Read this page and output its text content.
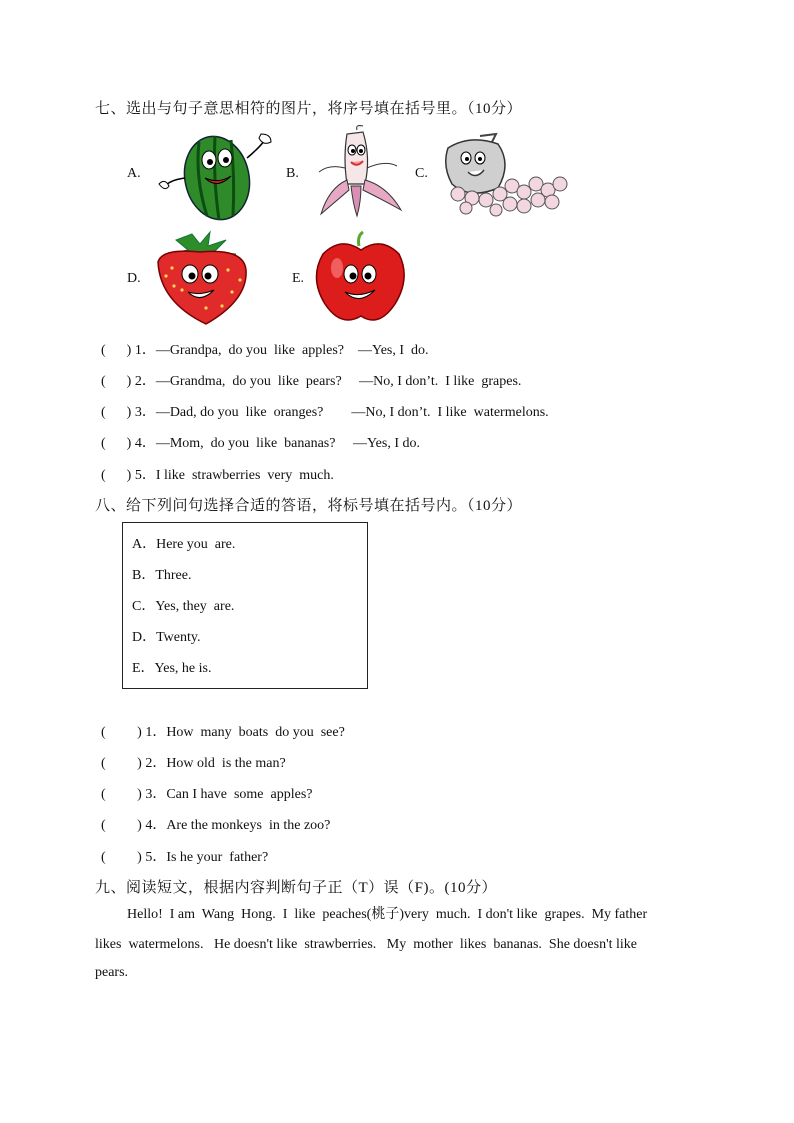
七、选出与句子意思相符的图片，将序号填在括号里。（10分）
A.	B.	C.
D.	E.
(      ) 1．—Grandpa,  do you  like  apples?    —Yes, I  do.
(      ) 2．—Grandma,  do you  like  pears?     —No, I don’t.  I like  grapes.
(      ) 3．—Dad, do you  like  oranges?        —No, I don’t.  I like  watermelons.
(      ) 4．—Mom,  do you  like  bananas?     —Yes, I do.
(      ) 5．I like  strawberries  very  much.
八、给下列问句选择合适的答语，将标号填在括号内。（10分）
A．Here you  are.
B．Three.
C．Yes, they  are.
D．Twenty.
E．Yes, he is.
(         ) 1．How  many  boats  do you  see?
(         ) 2．How old  is the man?
(         ) 3．Can I have  some  apples?
(         ) 4．Are the monkeys  in the zoo?
(         ) 5．Is he your  father?
九、阅读短文，根据内容判断句子正（T）误（F)。(10分）
Hello!  I am  Wang  Hong.  I  like  peaches(桃子)very  much.  I don't like  grapes.  My father
likes  watermelons.   He doesn't like  strawberries.   My  mother  likes  bananas.  She doesn't like
pears.
